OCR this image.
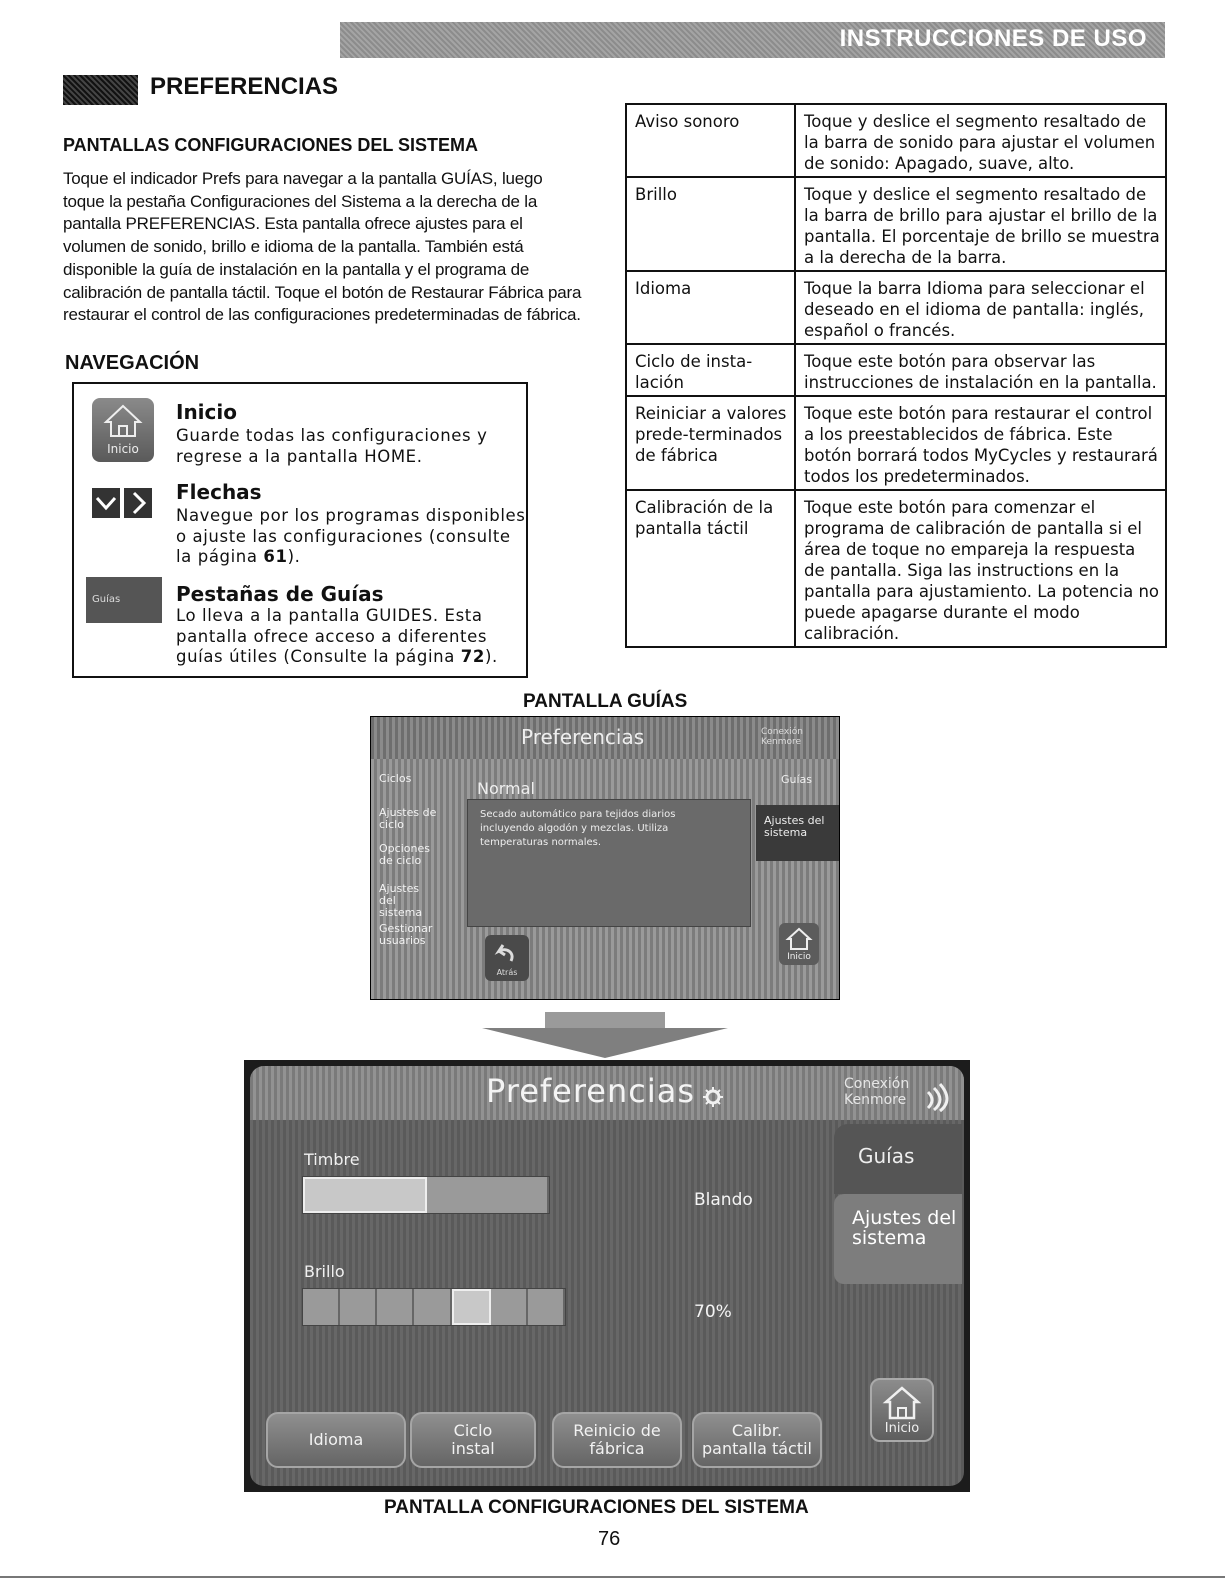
INSTRUCCIONES DE USO
PREFERENCIAS
PANTALLAS CONFIGURACIONES DEL SISTEMA
Toque el indicador Prefs para navegar a la pantalla GUÍAS, luego toque la pestaña Configuraciones del Sistema a la derecha de la pantalla PREFERENCIAS. Esta pantalla ofrece ajustes para el volumen de sonido, brillo e idioma de la pantalla. También está disponible la guía de instalación en la pantalla y el programa de calibración de pantalla táctil. Toque el botón de Restaurar Fábrica para restaurar el control de las configuraciones predeterminadas de fábrica.
NAVEGACIÓN
Inicio
Inicio
Guarde todas las configuraciones y regrese a la pantalla HOME.
Flechas
Navegue por los programas disponibles o ajuste las configuraciones (consulte la página 61).
Guías	Pestañas de Guías
Lo lleva a la pantalla GUIDES. Esta pantalla ofrece acceso a diferentes guías útiles (Consulte la página 72).
Aviso sonoro	Toque y deslice el segmento resaltado de la barra de sonido para ajustar el volumen de sonido: Apagado, suave, alto.
Brillo	Toque y deslice el segmento resaltado de la barra de brillo para ajustar el brillo de la pantalla. El porcentaje de brillo se muestra a la derecha de la barra.
Idioma	Toque la barra Idioma para seleccionar el deseado en el idioma de pantalla: inglés, español o francés.
Ciclo de insta-lación	Toque este botón para observar las instrucciones de instalación en la pantalla.
Reiniciar a valores prede-terminados de fábrica	Toque este botón para restaurar el control a los preestablecidos de fábrica. Este botón borrará todos MyCycles y restaurará todos los predeterminados.
Calibración de la pantalla táctil	Toque este botón para comenzar el programa de calibración de pantalla si el área de toque no empareja la respuesta de pantalla. Siga las instructions en la pantalla para ajustamiento. La potencia no puede apagarse durante el modo calibración.
PANTALLA GUÍAS
Preferencias	Conexión Kenmore
Ciclos
Ajustes de ciclo
Opciones de ciclo
Ajustes del sistema
Gestionar usuarios
Normal
Secado automático para tejidos diarios incluyendo algodón y mezclas. Utiliza temperaturas normales.
Guías
Ajustes del sistema
Atrás
Inicio
Preferencias	Conexión Kenmore
Guías
Ajustes del sistema
Timbre
Blando
Brillo
70%
Idioma	Ciclo instal
Reinicio de fábrica
Calibr. pantalla táctil
Inicio
PANTALLA CONFIGURACIONES DEL SISTEMA
76
